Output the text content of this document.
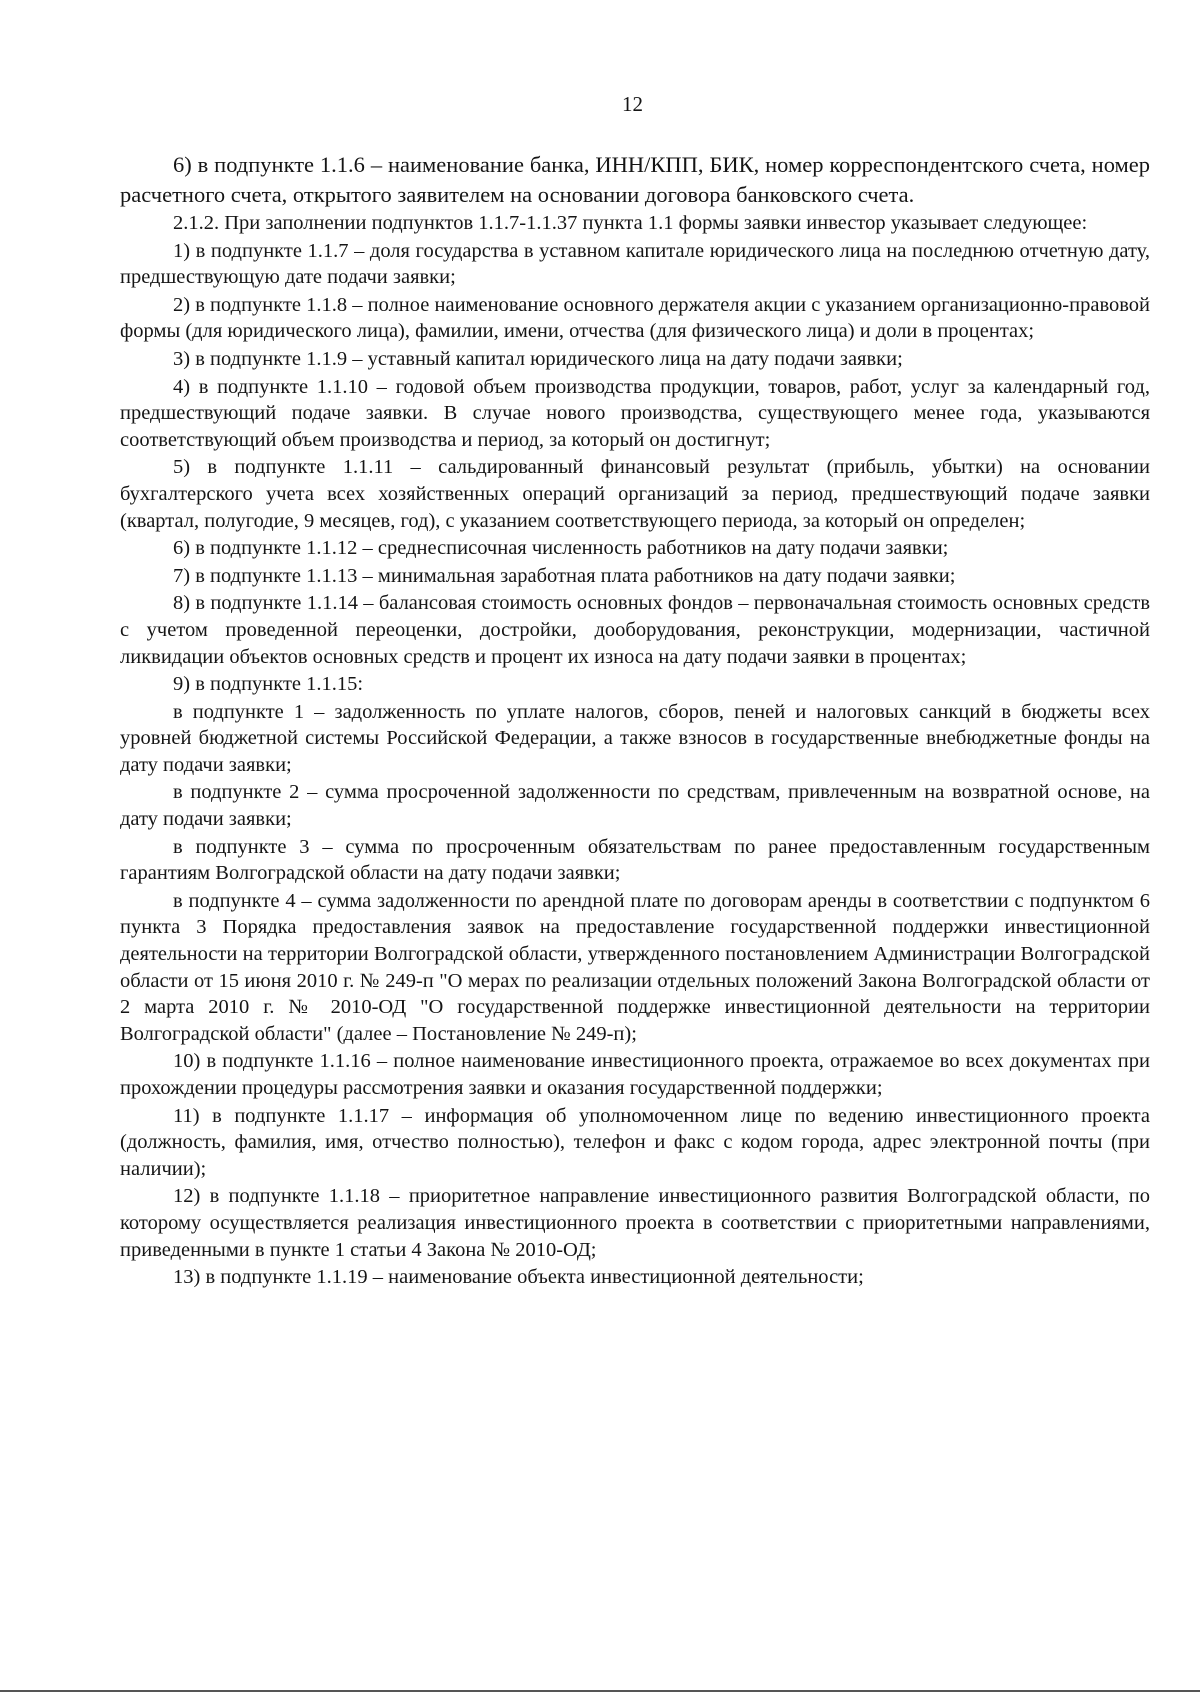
12

6) в подпункте 1.1.6 – наименование банка, ИНН/КПП, БИК, номер корреспондентского счета, номер расчетного счета, открытого заявителем на основании договора банковского счета.

2.1.2. При заполнении подпунктов 1.1.7-1.1.37 пункта 1.1 формы заявки инвестор указывает следующее:

1) в подпункте 1.1.7 – доля государства в уставном капитале юридического лица на последнюю отчетную дату, предшествующую дате подачи заявки;

2) в подпункте 1.1.8 – полное наименование основного держателя акции с указанием организационно-правовой формы (для юридического лица), фамилии, имени, отчества (для физического лица) и доли в процентах;

3) в подпункте 1.1.9 – уставный капитал юридического лица на дату подачи заявки;

4) в подпункте 1.1.10 – годовой объем производства продукции, товаров, работ, услуг за календарный год, предшествующий подаче заявки. В случае нового производства, существующего менее года, указываются соответствующий объем производства и период, за который он достигнут;

5) в подпункте 1.1.11 – сальдированный финансовый результат (прибыль, убытки) на основании бухгалтерского учета всех хозяйственных операций организаций за период, предшествующий подаче заявки (квартал, полугодие, 9 месяцев, год), с указанием соответствующего периода, за который он определен;

6) в подпункте 1.1.12 – среднесписочная численность работников на дату подачи заявки;

7) в подпункте 1.1.13 – минимальная заработная плата работников на дату подачи заявки;

8) в подпункте 1.1.14 – балансовая стоимость основных фондов – первоначальная стоимость основных средств с учетом проведенной переоценки, достройки, дооборудования, реконструкции, модернизации, частичной ликвидации объектов основных средств и процент их износа на дату подачи заявки в процентах;

9) в подпункте 1.1.15:

в подпункте 1 – задолженность по уплате налогов, сборов, пеней и налоговых санкций в бюджеты всех уровней бюджетной системы Российской Федерации, а также взносов в государственные внебюджетные фонды на дату подачи заявки;

в подпункте 2 – сумма просроченной задолженности по средствам, привлеченным на возвратной основе, на дату подачи заявки;

в подпункте 3 – сумма по просроченным обязательствам по ранее предоставленным государственным гарантиям Волгоградской области на дату подачи заявки;

в подпункте 4 – сумма задолженности по арендной плате по договорам аренды в соответствии с подпунктом 6 пункта 3 Порядка предоставления заявок на предоставление государственной поддержки инвестиционной деятельности на территории Волгоградской области, утвержденного постановлением Администрации Волгоградской области от 15 июня 2010 г. № 249-п "О мерах по реализации отдельных положений Закона Волгоградской области от 2 марта 2010 г. № 2010-ОД "О государственной поддержке инвестиционной деятельности на территории Волгоградской области" (далее – Постановление № 249-п);

10) в подпункте 1.1.16 – полное наименование инвестиционного проекта, отражаемое во всех документах при прохождении процедуры рассмотрения заявки и оказания государственной поддержки;

11) в подпункте 1.1.17 – информация об уполномоченном лице по ведению инвестиционного проекта (должность, фамилия, имя, отчество полностью), телефон и факс с кодом города, адрес электронной почты (при наличии);

12) в подпункте 1.1.18 – приоритетное направление инвестиционного развития Волгоградской области, по которому осуществляется реализация инвестиционного проекта в соответствии с приоритетными направлениями, приведенными в пункте 1 статьи 4 Закона № 2010-ОД;

13) в подпункте 1.1.19 – наименование объекта инвестиционной деятельности;
